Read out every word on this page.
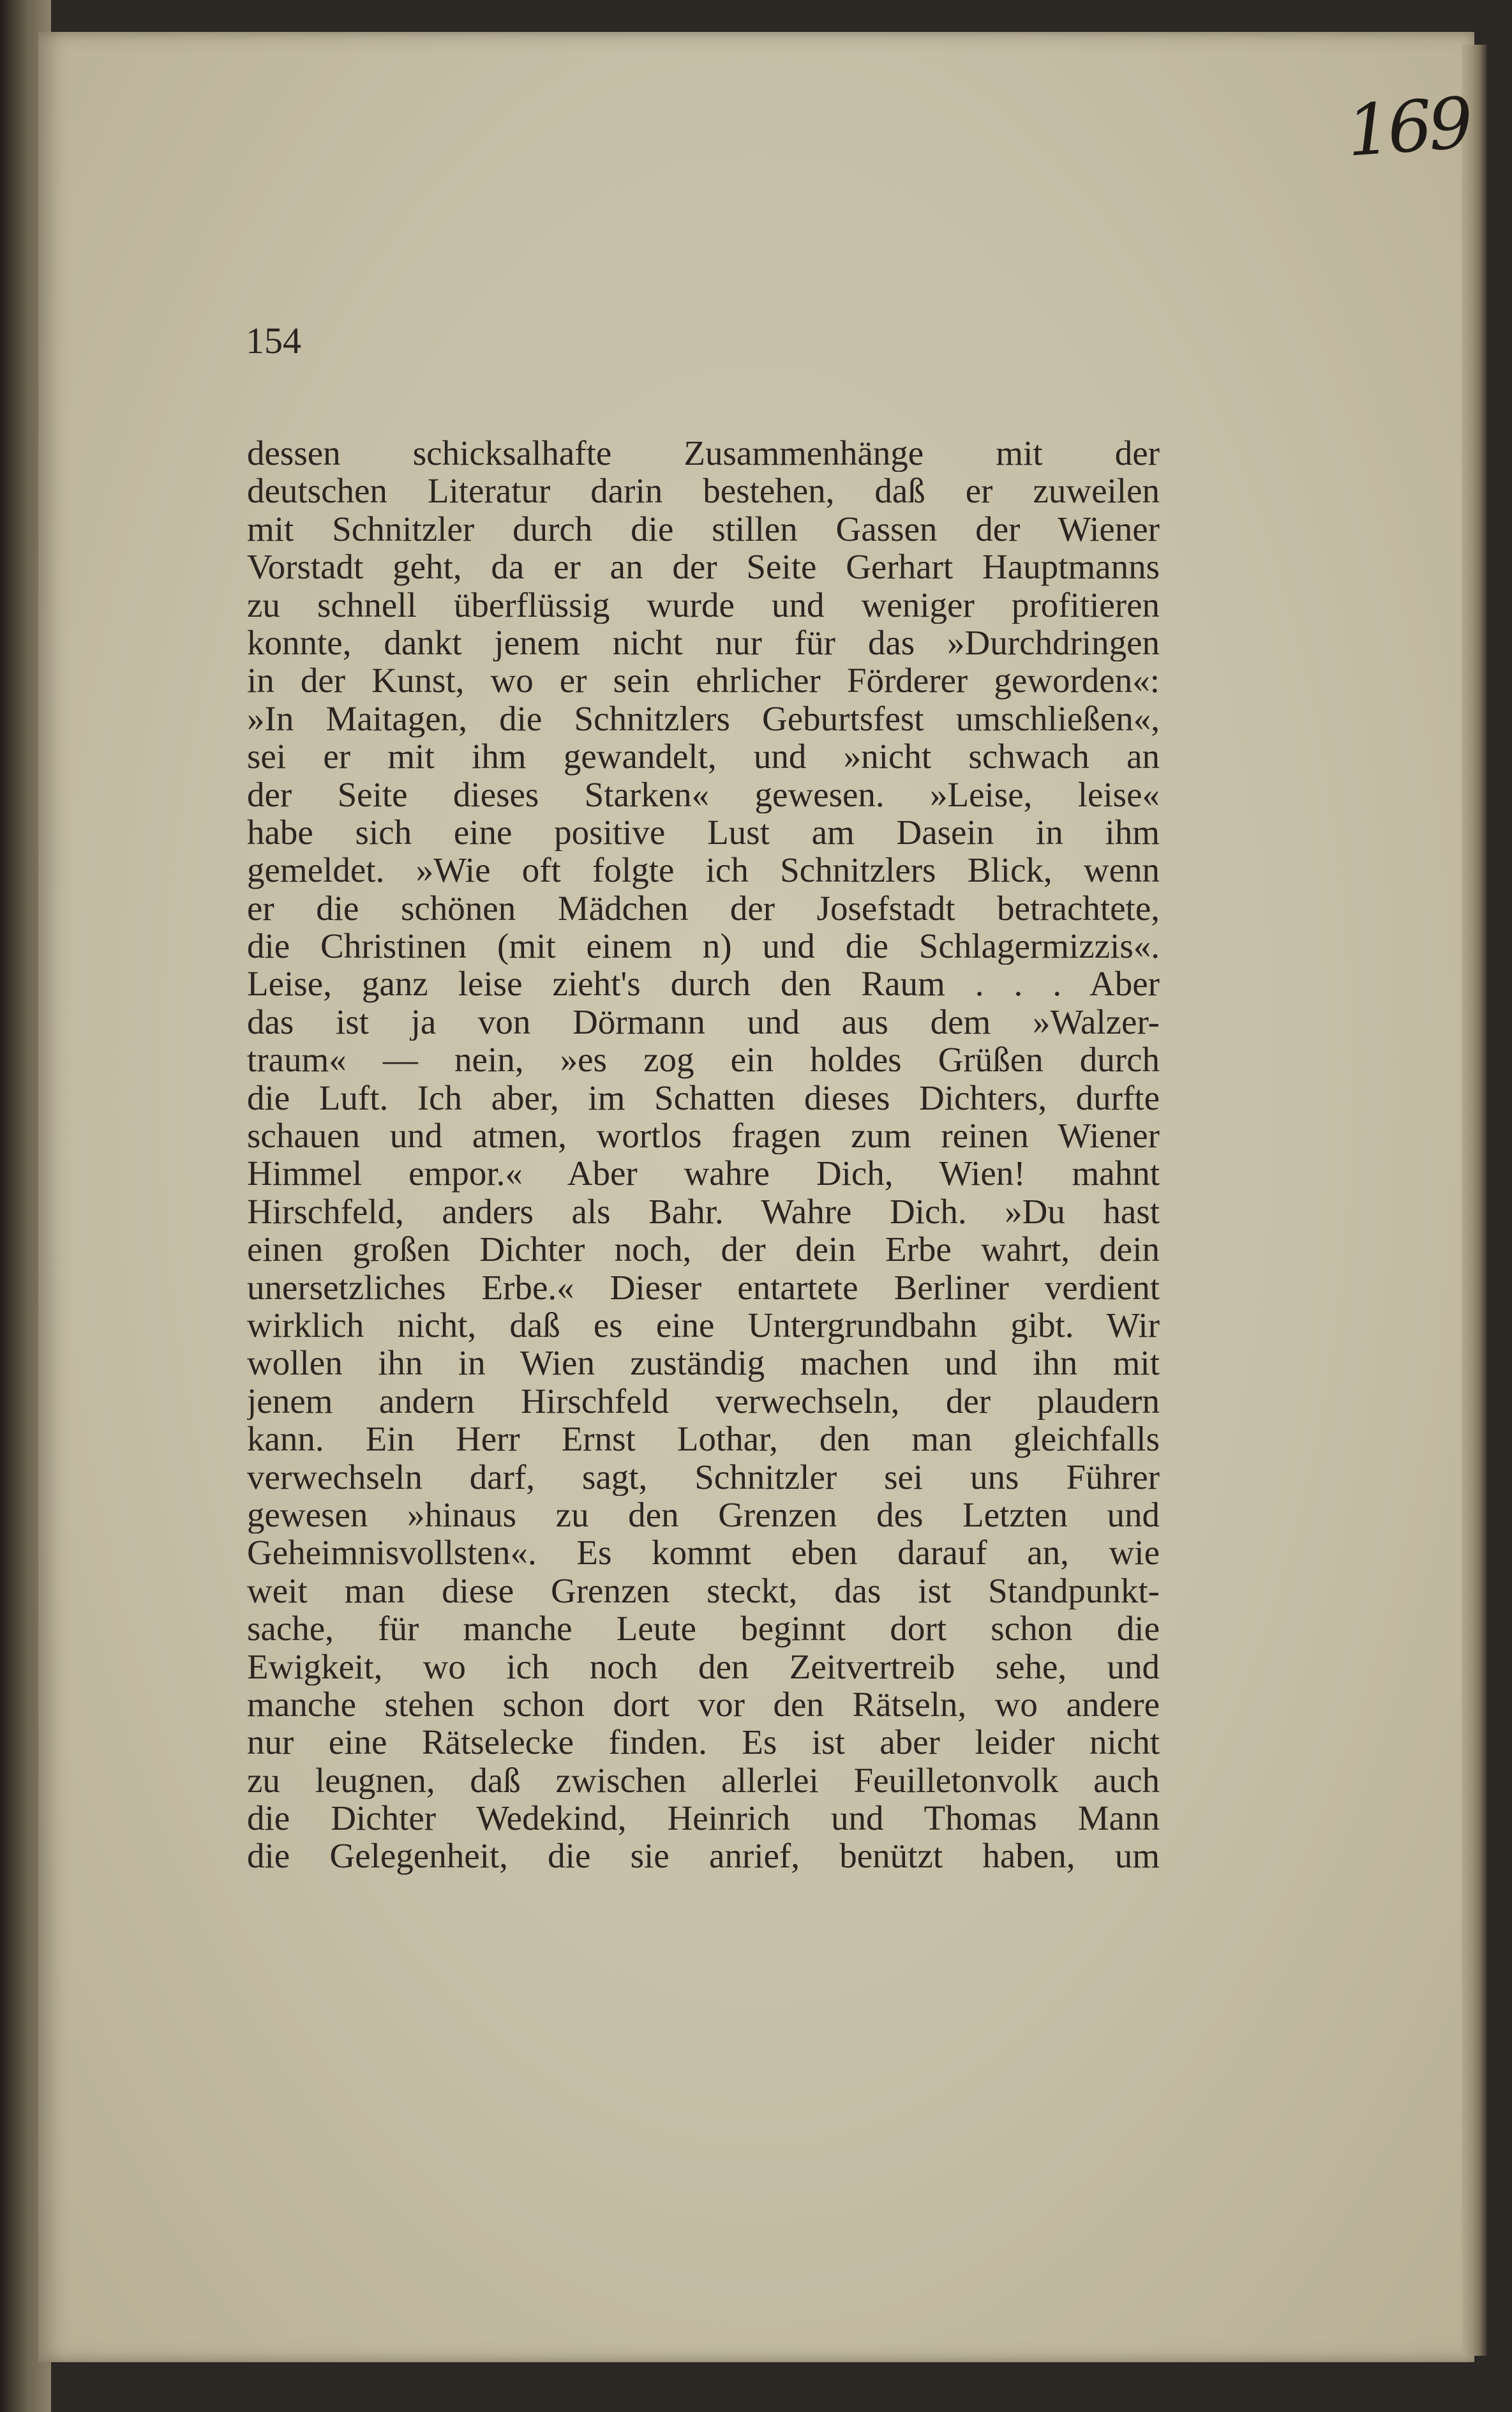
169
154
dessen schicksalhafte Zusammenhänge mit der
deutschen Literatur darin bestehen, daß er zuweilen
mit Schnitzler durch die stillen Gassen der Wiener
Vorstadt geht, da er an der Seite Gerhart Hauptmanns
zu schnell überflüssig wurde und weniger profitieren
konnte, dankt jenem nicht nur für das »Durchdringen
in der Kunst, wo er sein ehrlicher Förderer geworden«:
»In Maitagen, die Schnitzlers Geburtsfest umschließen«,
sei er mit ihm gewandelt, und »nicht schwach an
der Seite dieses Starken« gewesen. »Leise, leise«
habe sich eine positive Lust am Dasein in ihm
gemeldet. »Wie oft folgte ich Schnitzlers Blick, wenn
er die schönen Mädchen der Josefstadt betrachtete,
die Christinen (mit einem n) und die Schlagermizzis«.
Leise, ganz leise zieht's durch den Raum . . . Aber
das ist ja von Dörmann und aus dem »Walzer-
traum« — nein, »es zog ein holdes Grüßen durch
die Luft. Ich aber, im Schatten dieses Dichters, durfte
schauen und atmen, wortlos fragen zum reinen Wiener
Himmel empor.« Aber wahre Dich, Wien! mahnt
Hirschfeld, anders als Bahr. Wahre Dich. »Du hast
einen großen Dichter noch, der dein Erbe wahrt, dein
unersetzliches Erbe.« Dieser entartete Berliner verdient
wirklich nicht, daß es eine Untergrundbahn gibt. Wir
wollen ihn in Wien zuständig machen und ihn mit
jenem andern Hirschfeld verwechseln, der plaudern
kann. Ein Herr Ernst Lothar, den man gleichfalls
verwechseln darf, sagt, Schnitzler sei uns Führer
gewesen »hinaus zu den Grenzen des Letzten und
Geheimnisvollsten«. Es kommt eben darauf an, wie
weit man diese Grenzen steckt, das ist Standpunkt-
sache, für manche Leute beginnt dort schon die
Ewigkeit, wo ich noch den Zeitvertreib sehe, und
manche stehen schon dort vor den Rätseln, wo andere
nur eine Rätselecke finden. Es ist aber leider nicht
zu leugnen, daß zwischen allerlei Feuilletonvolk auch
die Dichter Wedekind, Heinrich und Thomas Mann
die Gelegenheit, die sie anrief, benützt haben, um
